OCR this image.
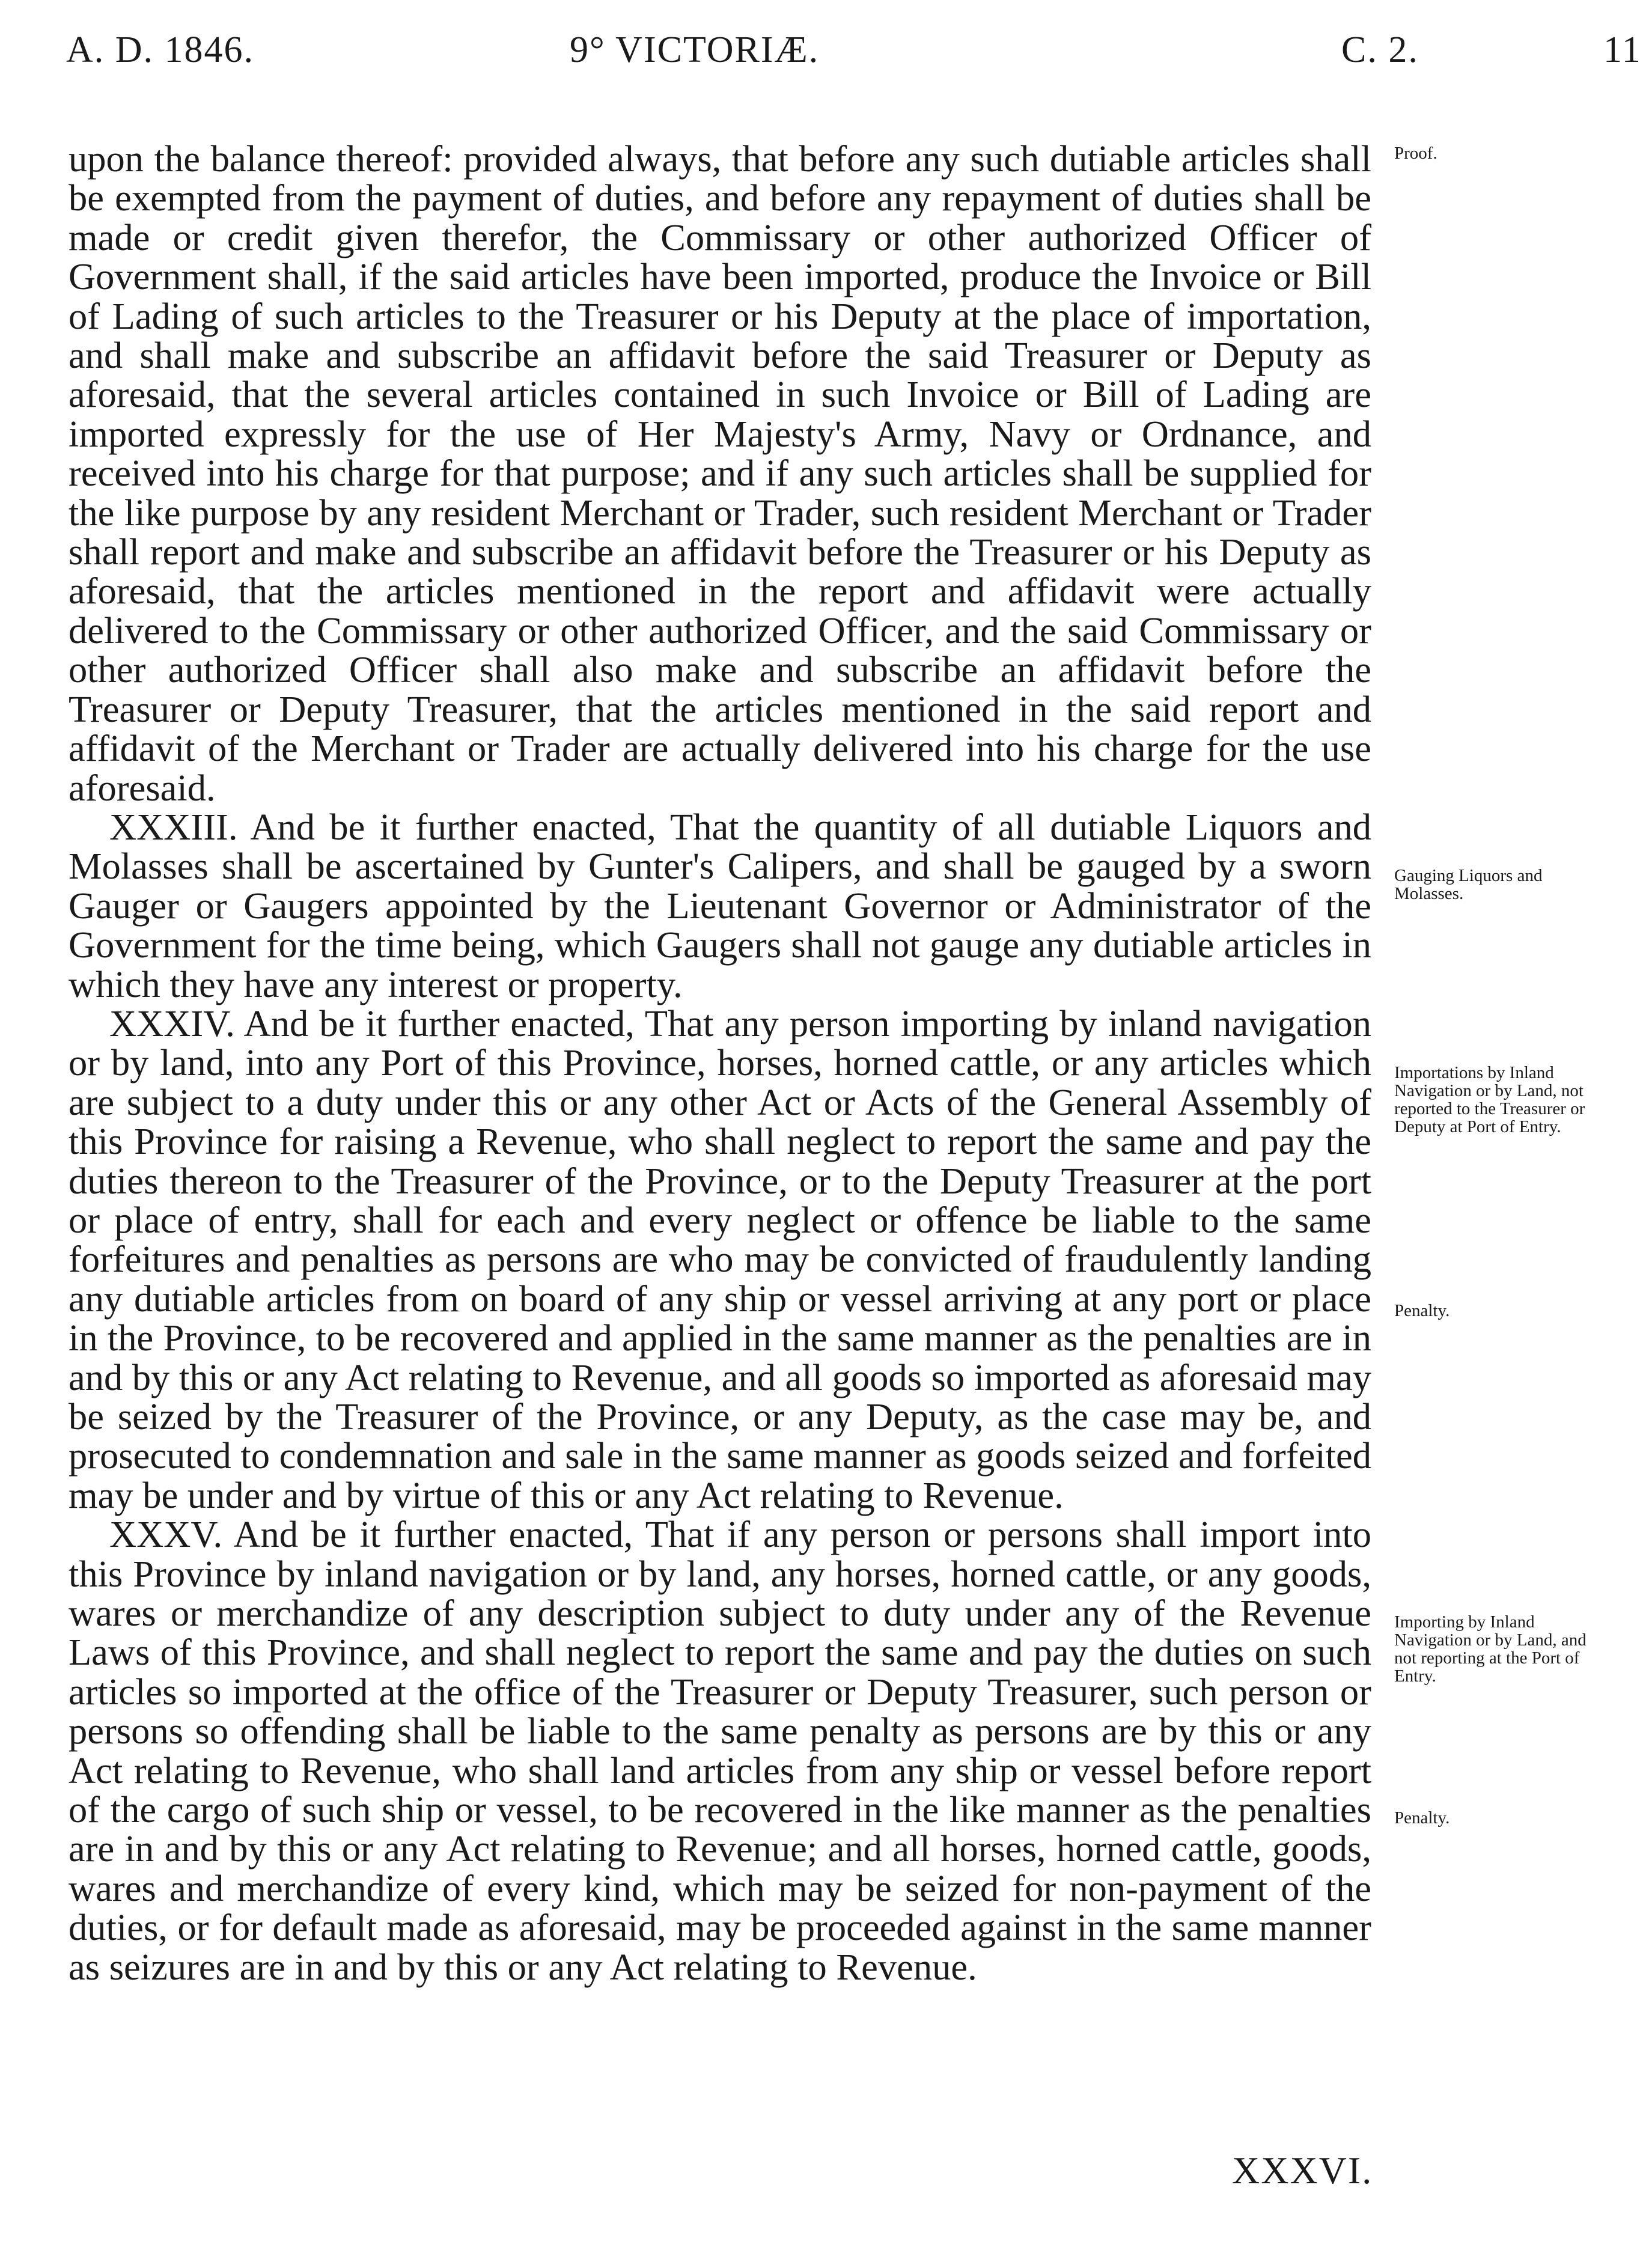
A. D. 1846.	9° VICTORIÆ.	C. 2.	11

upon the balance thereof: provided always, that before any such dutiable articles shall be exempted from the payment of duties, and before any repayment of duties shall be made or credit given therefor, the Commissary or other authorized Officer of Government shall, if the said articles have been imported, produce the Invoice or Bill of Lading of such articles to the Treasurer or his Deputy at the place of importation, and shall make and subscribe an affidavit before the said Treasurer or Deputy as aforesaid, that the several articles contained in such Invoice or Bill of Lading are imported expressly for the use of Her Majesty's Army, Navy or Ordnance, and received into his charge for that purpose; and if any such articles shall be supplied for the like purpose by any resident Merchant or Trader, such resident Merchant or Trader shall report and make and subscribe an affidavit before the Treasurer or his Deputy as aforesaid, that the articles mentioned in the report and affidavit were actually delivered to the Commissary or other authorized Officer, and the said Commissary or other authorized Officer shall also make and subscribe an affidavit before the Treasurer or Deputy Treasurer, that the articles mentioned in the said report and affidavit of the Merchant or Trader are actually delivered into his charge for the use aforesaid.

XXXIII. And be it further enacted, That the quantity of all dutiable Liquors and Molasses shall be ascertained by Gunter's Calipers, and shall be gauged by a sworn Gauger or Gaugers appointed by the Lieutenant Governor or Administrator of the Government for the time being, which Gaugers shall not gauge any dutiable articles in which they have any interest or property.

XXXIV. And be it further enacted, That any person importing by inland navigation or by land, into any Port of this Province, horses, horned cattle, or any articles which are subject to a duty under this or any other Act or Acts of the General Assembly of this Province for raising a Revenue, who shall neglect to report the same and pay the duties thereon to the Treasurer of the Province, or to the Deputy Treasurer at the port or place of entry, shall for each and every neglect or offence be liable to the same forfeitures and penalties as persons are who may be convicted of fraudulently landing any dutiable articles from on board of any ship or vessel arriving at any port or place in the Province, to be recovered and applied in the same manner as the penalties are in and by this or any Act relating to Revenue, and all goods so imported as aforesaid may be seized by the Treasurer of the Province, or any Deputy, as the case may be, and prosecuted to condemnation and sale in the same manner as goods seized and forfeited may be under and by virtue of this or any Act relating to Revenue.

XXXV. And be it further enacted, That if any person or persons shall import into this Province by inland navigation or by land, any horses, horned cattle, or any goods, wares or merchandize of any description subject to duty under any of the Revenue Laws of this Province, and shall neglect to report the same and pay the duties on such articles so imported at the office of the Treasurer or Deputy Treasurer, such person or persons so offending shall be liable to the same penalty as persons are by this or any Act relating to Revenue, who shall land articles from any ship or vessel before report of the cargo of such ship or vessel, to be recovered in the like manner as the penalties are in and by this or any Act relating to Revenue; and all horses, horned cattle, goods, wares and merchandize of every kind, which may be seized for non-payment of the duties, or for default made as aforesaid, may be proceeded against in the same manner as seizures are in and by this or any Act relating to Revenue.

Proof.
Gauging Liquors and Molasses.
Importations by Inland Navigation or by Land, not reported to the Treasurer or Deputy at Port of Entry.
Penalty.
Importing by Inland Navigation or by Land, and not reporting at the Port of Entry.
Penalty.
XXXVI.
